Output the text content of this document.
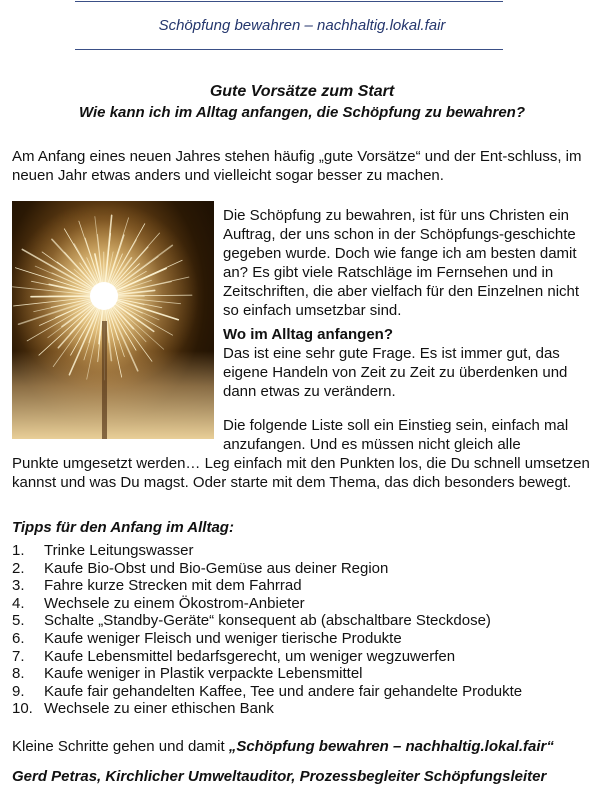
Schöpfung bewahren – nachhaltig.lokal.fair
Gute Vorsätze zum Start
Wie kann ich im Alltag anfangen, die Schöpfung zu bewahren?
Am Anfang eines neuen Jahres stehen häufig „gute Vorsätze“ und der Ent-schluss, im neuen Jahr etwas anders und vielleicht sogar besser zu machen.
Die Schöpfung zu bewahren, ist für uns Christen ein Auftrag, der uns schon in der Schöpfungs-geschichte gegeben wurde. Doch wie fange ich am besten damit an? Es gibt viele Ratschläge im Fernsehen und in Zeitschriften, die aber vielfach für den Einzelnen nicht so einfach umsetzbar sind.
Wo im Alltag anfangen?
Das ist eine sehr gute Frage. Es ist immer gut, das eigene Handeln von Zeit zu Zeit zu überdenken und dann etwas zu verändern.
Die folgende Liste soll ein Einstieg sein, einfach mal anzufangen. Und es müssen nicht gleich alle
Punkte umgesetzt werden… Leg einfach mit den Punkten los, die Du schnell umsetzen kannst und was Du magst. Oder starte mit dem Thema, das dich besonders bewegt.
Tipps für den Anfang im Alltag:
1. Trinke Leitungswasser
2. Kaufe Bio-Obst und Bio-Gemüse aus deiner Region
3. Fahre kurze Strecken mit dem Fahrrad
4. Wechsele zu einem Ökostrom-Anbieter
5. Schalte „Standby-Geräte“ konsequent ab (abschaltbare Steckdose)
6. Kaufe weniger Fleisch und weniger tierische Produkte
7. Kaufe Lebensmittel bedarfsgerecht, um weniger wegzuwerfen
8. Kaufe weniger in Plastik verpackte Lebensmittel
9. Kaufe fair gehandelten Kaffee, Tee und andere fair gehandelte Produkte
10. Wechsele zu einer ethischen Bank
Kleine Schritte gehen und damit „Schöpfung bewahren – nachhaltig.lokal.fair“
Gerd Petras, Kirchlicher Umweltauditor, Prozessbegleiter Schöpfungsleiter
